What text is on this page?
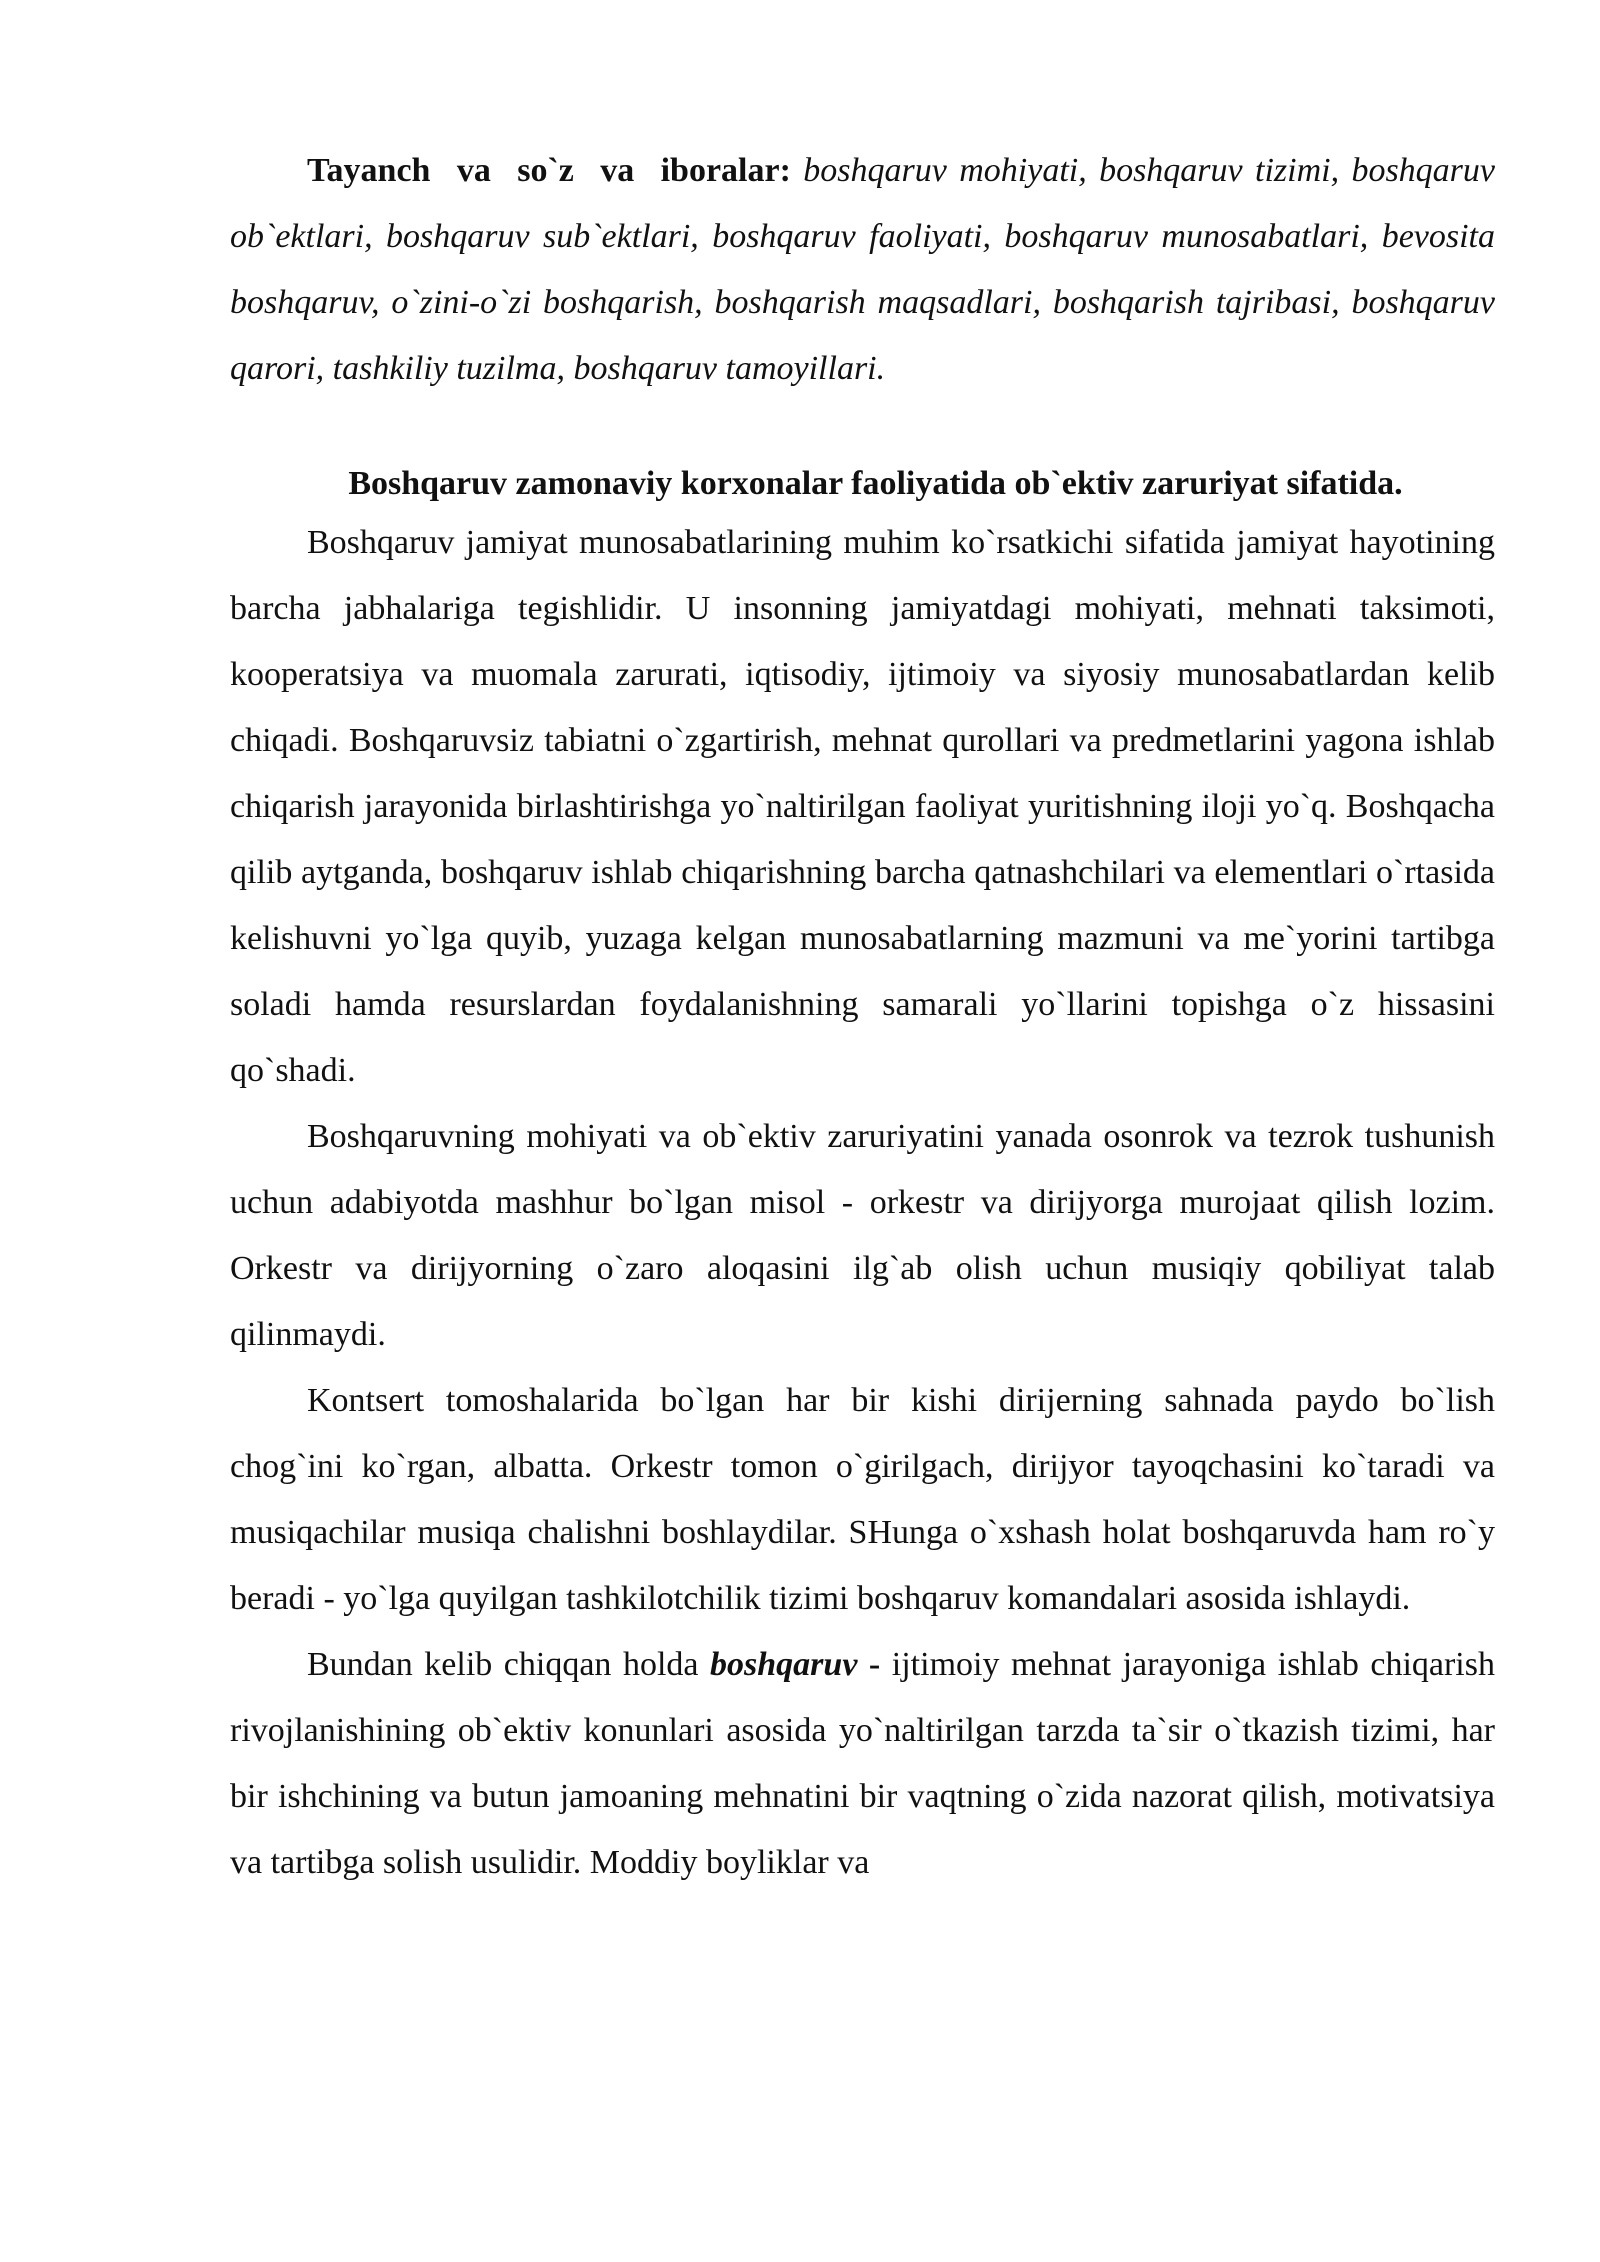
Tayanch va so`z va iboralar: boshqaruv mohiyati, boshqaruv tizimi, boshqaruv ob`ektlari, boshqaruv sub`ektlari, boshqaruv faoliyati, boshqaruv munosabatlari, bevosita boshqaruv, o`zini-o`zi boshqarish, boshqarish maqsadlari, boshqarish tajribasi, boshqaruv qarori, tashkiliy tuzilma, boshqaruv tamoyillari.

Boshqaruv zamonaviy korxonalar faoliyatida ob`ektiv zaruriyat sifatida.

Boshqaruv jamiyat munosabatlarining muhim ko`rsatkichi sifatida jamiyat hayotining barcha jabhalariga tegishlidir. U insonning jamiyatdagi mohiyati, mehnati taksimoti, kooperatsiya va muomala zarurati, iqtisodiy, ijtimoiy va siyosiy munosabatlardan kelib chiqadi. Boshqaruvsiz tabiatni o`zgartirish, mehnat qurollari va predmetlarini yagona ishlab chiqarish jarayonida birlashtirishga yo`naltirilgan faoliyat yuritishning iloji yo`q. Boshqacha qilib aytganda, boshqaruv ishlab chiqarishning barcha qatnashchilari va elementlari o`rtasida kelishuvni yo`lga quyib, yuzaga kelgan munosabatlarning mazmuni va me`yorini tartibga soladi hamda resurslardan foydalanishning samarali yo`llarini topishga o`z hissasini qo`shadi.

Boshqaruvning mohiyati va ob`ektiv zaruriyatini yanada osonrok va tezrok tushunish uchun adabiyotda mashhur bo`lgan misol - orkestr va dirijyorga murojaat qilish lozim. Orkestr va dirijyorning o`zaro aloqasini ilg`ab olish uchun musiqiy qobiliyat talab qilinmaydi.

Kontsert tomoshalarida bo`lgan har bir kishi dirijerning sahnada paydo bo`lish chog`ini ko`rgan, albatta. Orkestr tomon o`girilgach, dirijyor tayoqchasini ko`taradi va musiqachilar musiqa chalishni boshlaydilar. SHunga o`xshash holat boshqaruvda ham ro`y beradi - yo`lga quyilgan tashkilotchilik tizimi boshqaruv komandalari asosida ishlaydi.

Bundan kelib chiqqan holda boshqaruv - ijtimoiy mehnat jarayoniga ishlab chiqarish rivojlanishining ob`ektiv konunlari asosida yo`naltirilgan tarzda ta`sir o`tkazish tizimi, har bir ishchining va butun jamoaning mehnatini bir vaqtning o`zida nazorat qilish, motivatsiya va tartibga solish usulidir. Moddiy boyliklar va
